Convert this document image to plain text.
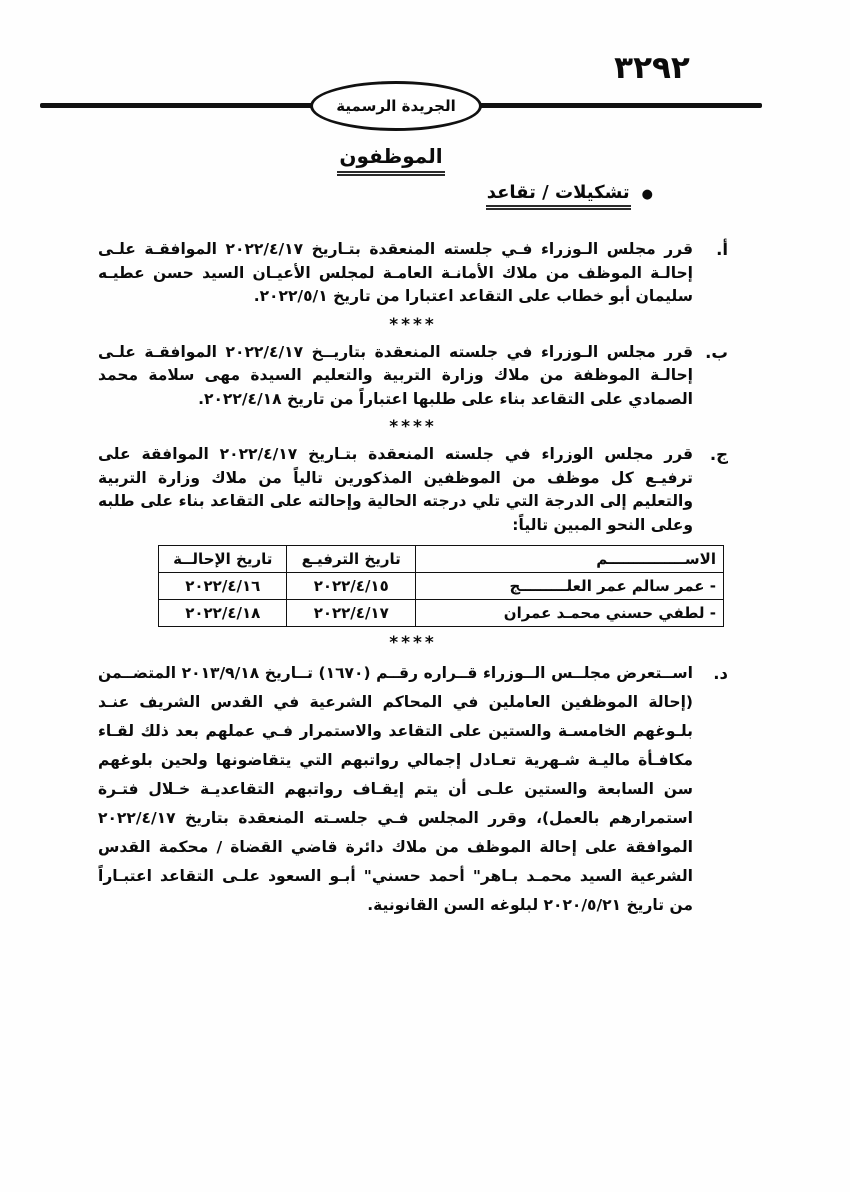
٣٢٩٢
الجريدة الرسمية
الموظفون
●
تشكيلات / تقاعد
أ.
قرر مجلس الـوزراء فـي جلسته المنعقدة بتـاريخ ٢٠٢٢/٤/١٧ الموافقـة علـى إحالـة الموظف من ملاك الأمانـة العامـة لمجلس الأعيـان السيد حسن عطيـه سليمان أبو خطاب على التقاعد اعتبارا من تاريخ ٢٠٢٢/٥/١.
****
ب.
قرر مجلس الـوزراء في جلسته المنعقدة بتاريــخ ٢٠٢٢/٤/١٧ الموافقـة علـى إحالـة الموظفة من ملاك وزارة التربية والتعليم السيدة مهى سلامة محمد الصمادي على التقاعد بناء على طلبها اعتباراً من تاريخ ٢٠٢٢/٤/١٨.
****
ج.
قرر مجلس الوزراء في جلسته المنعقدة بتـاريخ ٢٠٢٢/٤/١٧ الموافقة على ترفيـع كل موظف من الموظفين المذكورين تالياً من ملاك وزارة التربية والتعليم إلى الدرجة التي تلي درجته الحالية وإحالته على التقاعد بناء على طلبه وعلى النحو المبين تالياً:
الاســـــــــــــــم	تاريخ الترفيـع	تاريخ الإحالــة
- عمر سالم عمر العلـــــــــج	٢٠٢٢/٤/١٥	٢٠٢٢/٤/١٦
- لطفي حسني محمـد عمران	٢٠٢٢/٤/١٧	٢٠٢٢/٤/١٨
****
د.
اســتعرض مجلــس الــوزراء قــراره رقــم (١٦٧٠) تــاريخ ٢٠١٣/٩/١٨ المتضــمن (إحالة الموظفين العاملين في المحاكم الشرعية في القدس الشريف عنـد بلـوغهم الخامسـة والستين على التقاعد والاستمرار فـي عملهم بعد ذلك لقـاء مكافـأة ماليـة شـهرية تعـادل إجمالي رواتبهم التي يتقاضونها ولحين بلوغهم سن السابعة والستين علـى أن يتم إيقـاف رواتبهم التقاعديـة خـلال فتـرة استمرارهم بالعمل)، وقرر المجلس فـي جلسـته المنعقدة بتاريخ ٢٠٢٢/٤/١٧ الموافقة على إحالة الموظف من ملاك دائرة قاضي القضاة / محكمة القدس الشرعية السيد محمـد بـاهر" أحمد حسني" أبـو السعود علـى التقاعد اعتبـاراً من تاريخ ٢٠٢٠/٥/٢١ لبلوغه السن القانونية.
